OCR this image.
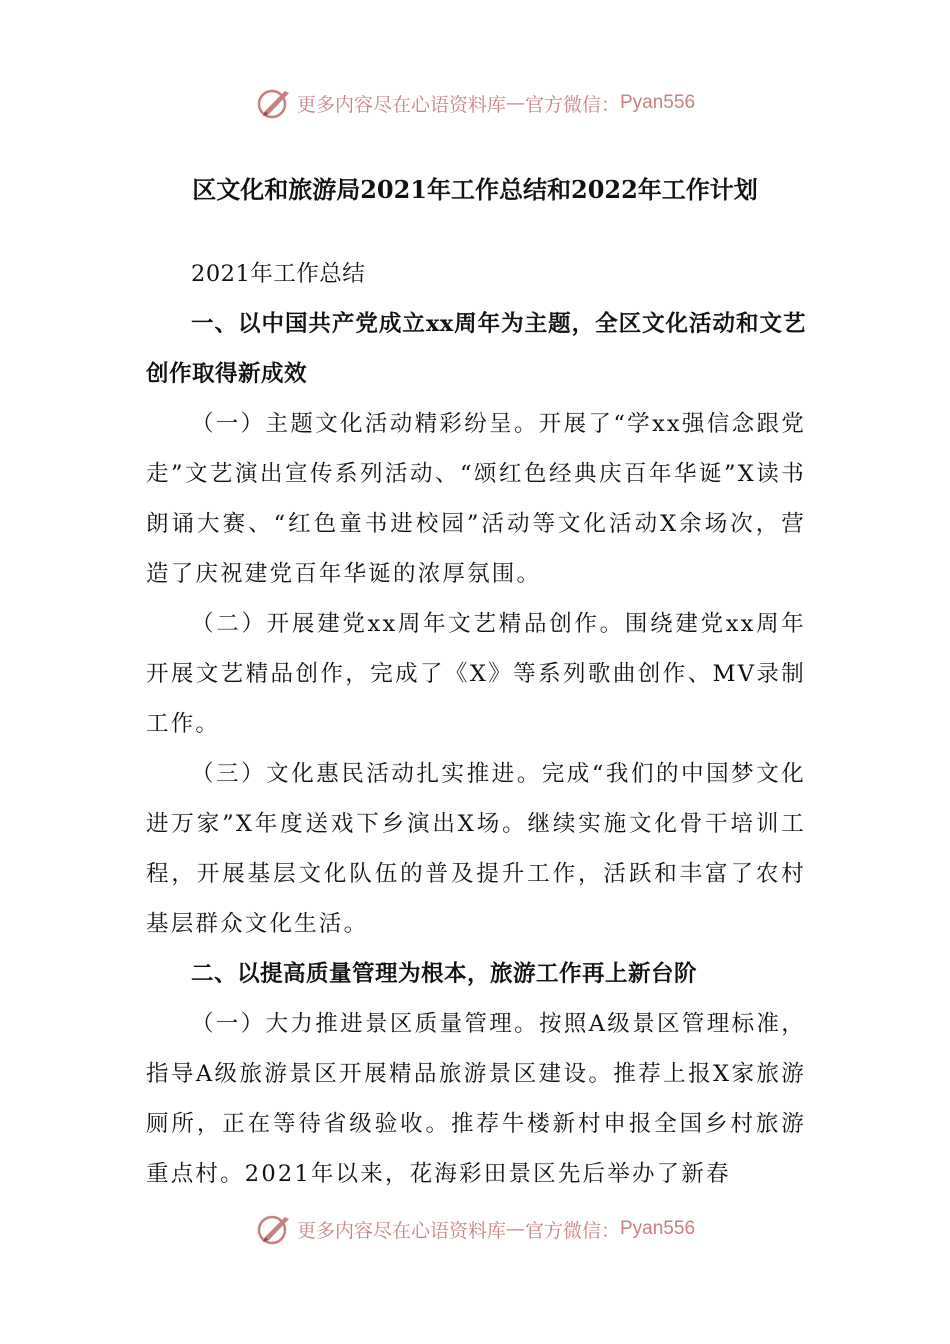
更多内容尽在心语资料库 — 官方微信： Pyan556
区文化和旅游局2021年工作总结和2022年工作计划

2021年工作总结

一、以中国共产党成立xx周年为主题，全区文化活动和文艺创作取得新成效

（一）主题文化活动精彩纷呈。开展了“学xx强信念跟党走”文艺演出宣传系列活动、“颂红色经典庆百年华诞”X读书朗诵大赛、“红色童书进校园”活动等文化活动X余场次，营造了庆祝建党百年华诞的浓厚氛围。

（二）开展建党xx周年文艺精品创作。围绕建党xx周年开展文艺精品创作，完成了《X》等系列歌曲创作、MV录制工作。

（三）文化惠民活动扎实推进。完成“我们的中国梦文化进万家”X年度送戏下乡演出X场。继续实施文化骨干培训工程，开展基层文化队伍的普及提升工作，活跃和丰富了农村基层群众文化生活。

二、以提高质量管理为根本，旅游工作再上新台阶

（一）大力推进景区质量管理。按照A级景区管理标准，指导A级旅游景区开展精品旅游景区建设。推荐上报X家旅游厕所，正在等待省级验收。推荐牛楼新村申报全国乡村旅游重点村。2021年以来，花海彩田景区先后举办了新春

更多内容尽在心语资料库 — 官方微信： Pyan556
